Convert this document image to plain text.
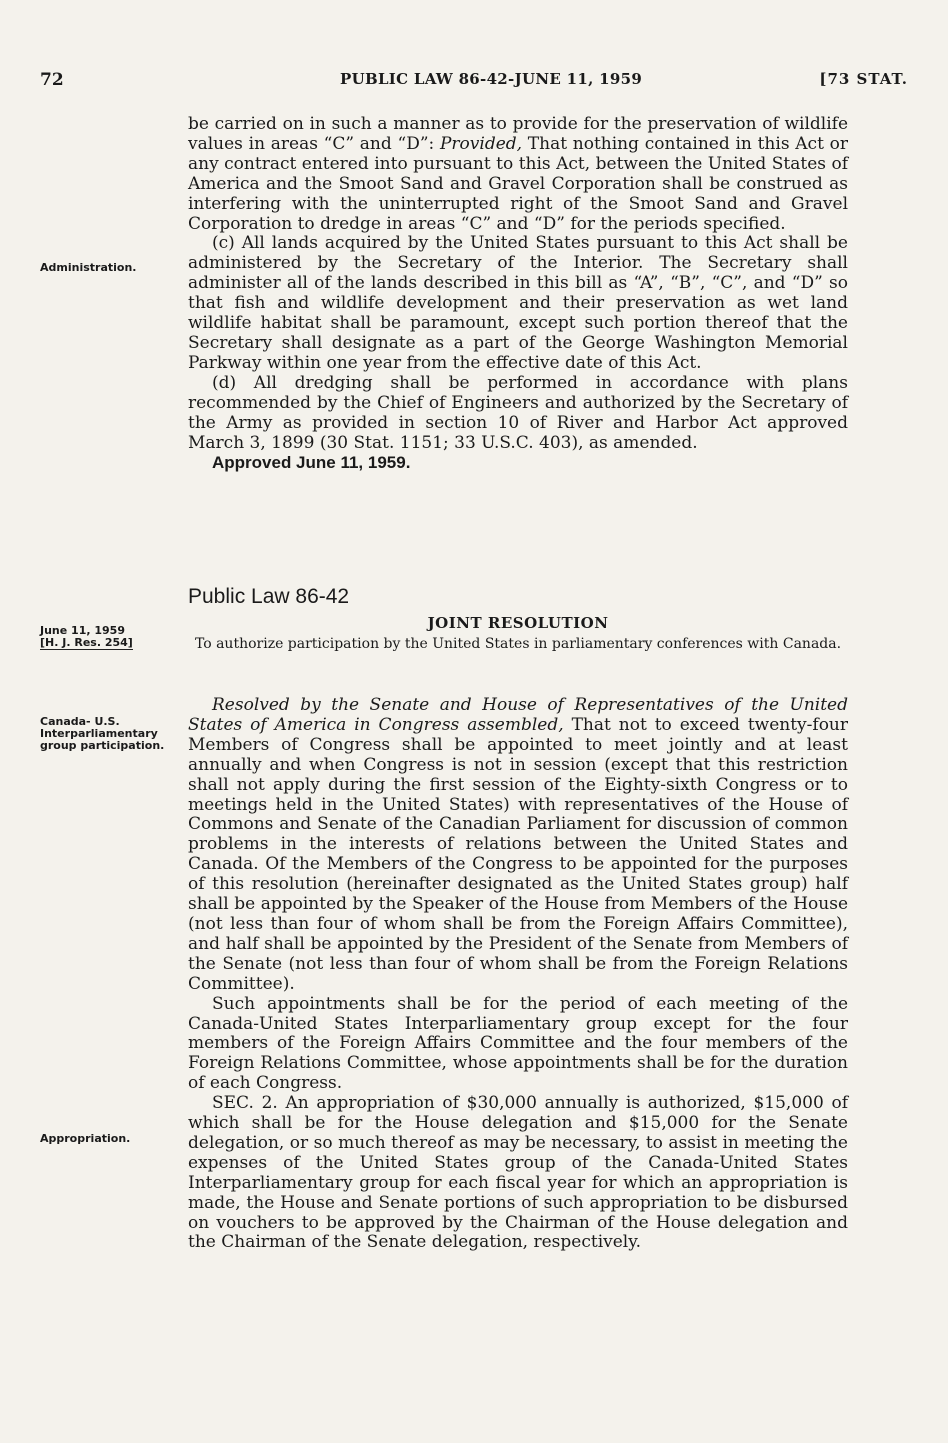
72	PUBLIC LAW 86-42-JUNE 11, 1959	[73 STAT.

be carried on in such a manner as to provide for the preservation of wildlife values in areas “C” and “D”: Provided, That nothing contained in this Act or any contract entered into pursuant to this Act, between the United States of America and the Smoot Sand and Gravel Corporation shall be construed as interfering with the uninterrupted right of the Smoot Sand and Gravel Corporation to dredge in areas “C” and “D” for the periods specified.

(c) All lands acquired by the United States pursuant to this Act shall be administered by the Secretary of the Interior. The Secretary shall administer all of the lands described in this bill as “A”, “B”, “C”, and “D” so that fish and wildlife development and their preservation as wet land wildlife habitat shall be paramount, except such portion thereof that the Secretary shall designate as a part of the George Washington Memorial Parkway within one year from the effective date of this Act.

(d) All dredging shall be performed in accordance with plans recommended by the Chief of Engineers and authorized by the Secretary of the Army as provided in section 10 of River and Harbor Act approved March 3, 1899 (30 Stat. 1151; 33 U.S.C. 403), as amended.

Approved June 11, 1959.

Administration.
Public Law 86-42
JOINT RESOLUTION
To authorize participation by the United States in parliamentary conferences with Canada.
June 11, 1959
[H. J. Res. 254]
Canada- U.S. Interparliamentary group participation.

Resolved by the Senate and House of Representatives of the United States of America in Congress assembled, That not to exceed twenty-four Members of Congress shall be appointed to meet jointly and at least annually and when Congress is not in session (except that this restriction shall not apply during the first session of the Eighty-sixth Congress or to meetings held in the United States) with representatives of the House of Commons and Senate of the Canadian Parliament for discussion of common problems in the interests of relations between the United States and Canada. Of the Members of the Congress to be appointed for the purposes of this resolution (hereinafter designated as the United States group) half shall be appointed by the Speaker of the House from Members of the House (not less than four of whom shall be from the Foreign Affairs Committee), and half shall be appointed by the President of the Senate from Members of the Senate (not less than four of whom shall be from the Foreign Relations Committee).

Such appointments shall be for the period of each meeting of the Canada-United States Interparliamentary group except for the four members of the Foreign Affairs Committee and the four members of the Foreign Relations Committee, whose appointments shall be for the duration of each Congress.

SEC. 2. An appropriation of $30,000 annually is authorized, $15,000 of which shall be for the House delegation and $15,000 for the Senate delegation, or so much thereof as may be necessary, to assist in meeting the expenses of the United States group of the Canada-United States Interparliamentary group for each fiscal year for which an appropriation is made, the House and Senate portions of such appropriation to be disbursed on vouchers to be approved by the Chairman of the House delegation and the Chairman of the Senate delegation, respectively.

Appropriation.
